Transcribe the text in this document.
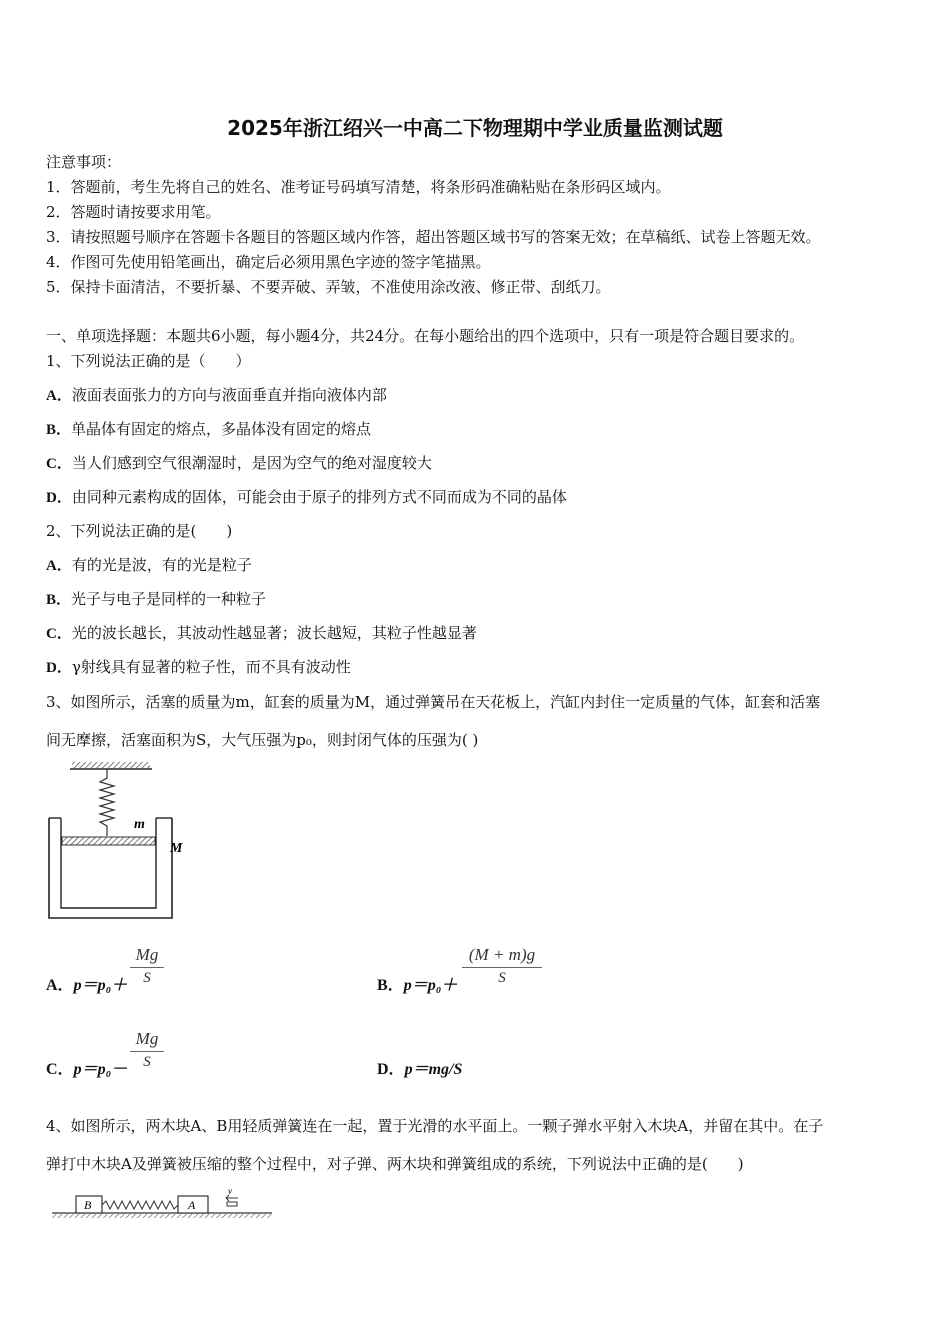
2025年浙江绍兴一中高二下物理期中学业质量监测试题
注意事项：
1．答题前，考生先将自己的姓名、准考证号码填写清楚，将条形码准确粘贴在条形码区域内。
2．答题时请按要求用笔。
3．请按照题号顺序在答题卡各题目的答题区域内作答，超出答题区域书写的答案无效；在草稿纸、试卷上答题无效。
4．作图可先使用铅笔画出，确定后必须用黑色字迹的签字笔描黑。
5．保持卡面清洁，不要折暴、不要弄破、弄皱，不准使用涂改液、修正带、刮纸刀。
一、单项选择题：本题共6小题，每小题4分，共24分。在每小题给出的四个选项中，只有一项是符合题目要求的。
1、下列说法正确的是（　　）
A．液面表面张力的方向与液面垂直并指向液体内部
B．单晶体有固定的熔点，多晶体没有固定的熔点
C．当人们感到空气很潮湿时，是因为空气的绝对湿度较大
D．由同种元素构成的固体，可能会由于原子的排列方式不同而成为不同的晶体
2、下列说法正确的是(　　)
A．有的光是波，有的光是粒子
B．光子与电子是同样的一种粒子
C．光的波长越长，其波动性越显著；波长越短，其粒子性越显著
D．γ射线具有显著的粒子性，而不具有波动性
3、如图所示，活塞的质量为m，缸套的质量为M，通过弹簧吊在天花板上，汽缸内封住一定质量的气体，缸套和活塞
间无摩擦，活塞面积为S，大气压强为p₀，则封闭气体的压强为( )
m
M
A．p＝p₀＋
Mg
S	B．p＝p₀＋
(M + m)g
S
C．p＝p₀－
Mg
S	D．p＝mg/S
4、如图所示，两木块A、B用轻质弹簧连在一起，置于光滑的水平面上。一颗子弹水平射入木块A，并留在其中。在子
弹打中木块A及弹簧被压缩的整个过程中，对子弹、两木块和弹簧组成的系统，下列说法中正确的是(　　)
B	A
v
